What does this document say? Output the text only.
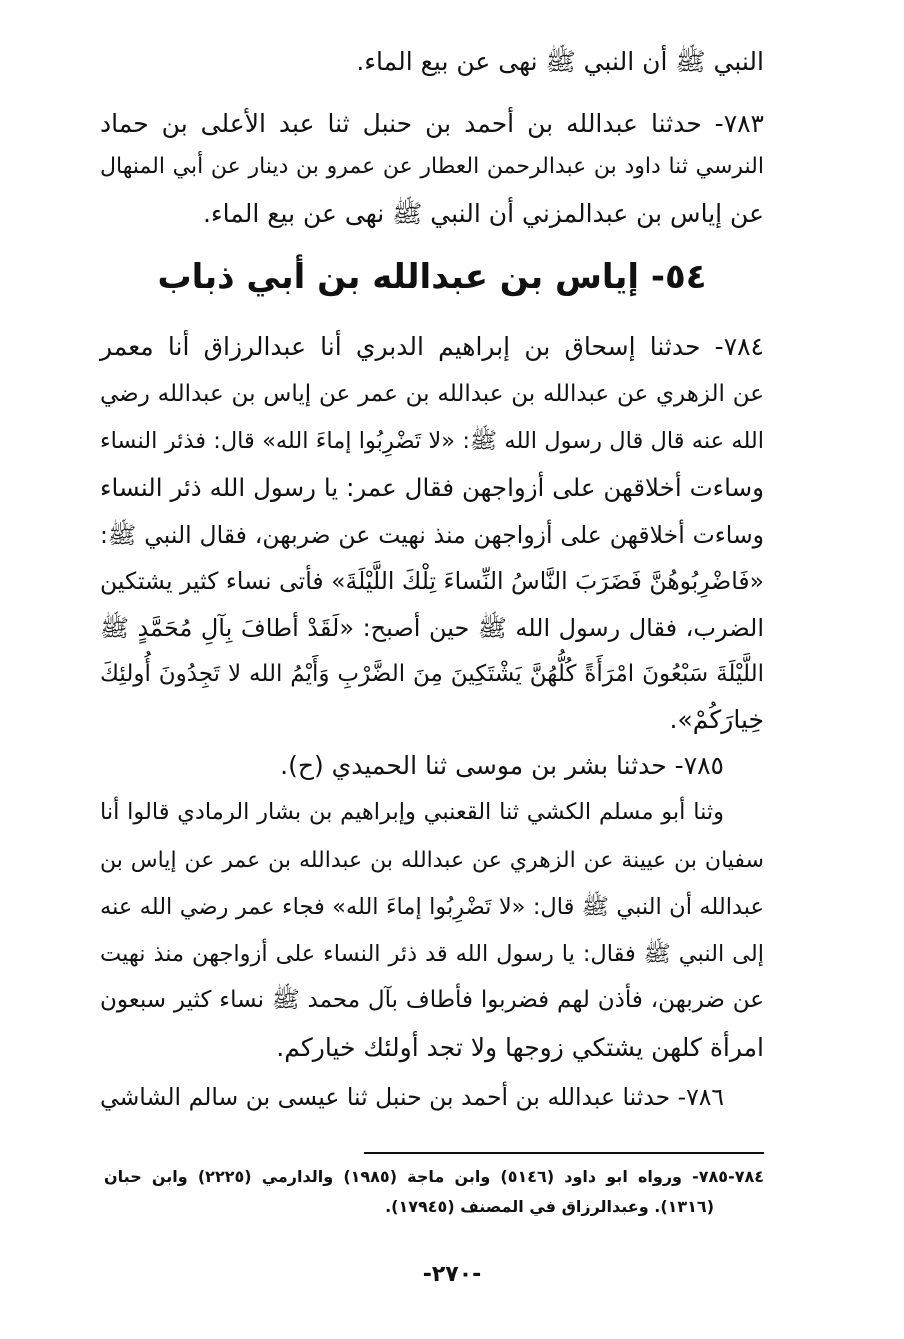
النبي ﷺ أن النبي ﷺ نهى عن بيع الماء.
٧٨٣- حدثنا عبدالله بن أحمد بن حنبل ثنا عبد الأعلى بن حماد
النرسي ثنا داود بن عبدالرحمن العطار عن عمرو بن دينار عن أبي المنهال
عن إياس بن عبدالمزني أن النبي ﷺ نهى عن بيع الماء.
٥٤- إياس بن عبدالله بن أبي ذباب
٧٨٤- حدثنا إسحاق بن إبراهيم الدبري أنا عبدالرزاق أنا معمر
عن الزهري عن عبدالله بن عبدالله بن عمر عن إياس بن عبدالله رضي
الله عنه قال قال رسول الله ﷺ: «لا تَضْرِبُوا إماءَ الله» قال: فذئر النساء
وساءت أخلاقهن على أزواجهن فقال عمر: يا رسول الله ذئر النساء
وساءت أخلاقهن على أزواجهن منذ نهيت عن ضربهن، فقال النبي ﷺ:
«فَاضْرِبُوهُنَّ فَضَرَبَ النَّاسُ النِّساءَ تِلْكَ اللَّيْلَةَ» فأتى نساء كثير يشتكين
الضرب، فقال رسول الله ﷺ حين أصبح: «لَقَدْ أطافَ بِآلِ مُحَمَّدٍ ﷺ
اللَّيْلَةَ سَبْعُونَ امْرَأَةً كُلُّهُنَّ يَشْتَكِينَ مِنَ الضَّرْبِ وَأَيْمُ الله لا تَجِدُونَ أُولئِكَ
خِيارَكُمْ».
٧٨٥- حدثنا بشر بن موسى ثنا الحميدي (ح).
وثنا أبو مسلم الكشي ثنا القعنبي وإبراهيم بن بشار الرمادي قالوا أنا
سفيان بن عيينة عن الزهري عن عبدالله بن عبدالله بن عمر عن إياس بن
عبدالله أن النبي ﷺ قال: «لا تَضْرِبُوا إماءَ الله» فجاء عمر رضي الله عنه
إلى النبي ﷺ فقال: يا رسول الله قد ذئر النساء على أزواجهن منذ نهيت
عن ضربهن، فأذن لهم فضربوا فأطاف بآل محمد ﷺ نساء كثير سبعون
امرأة كلهن يشتكي زوجها ولا تجد أولئك خياركم.
٧٨٦- حدثنا عبدالله بن أحمد بن حنبل ثنا عيسى بن سالم الشاشي
٧٨٤-٧٨٥- ورواه ابو داود (٥١٤٦) وابن ماجة (١٩٨٥) والدارمي (٢٢٢٥) وابن حبان
(١٣١٦). وعبدالرزاق في المصنف (١٧٩٤٥).
-٢٧٠-
